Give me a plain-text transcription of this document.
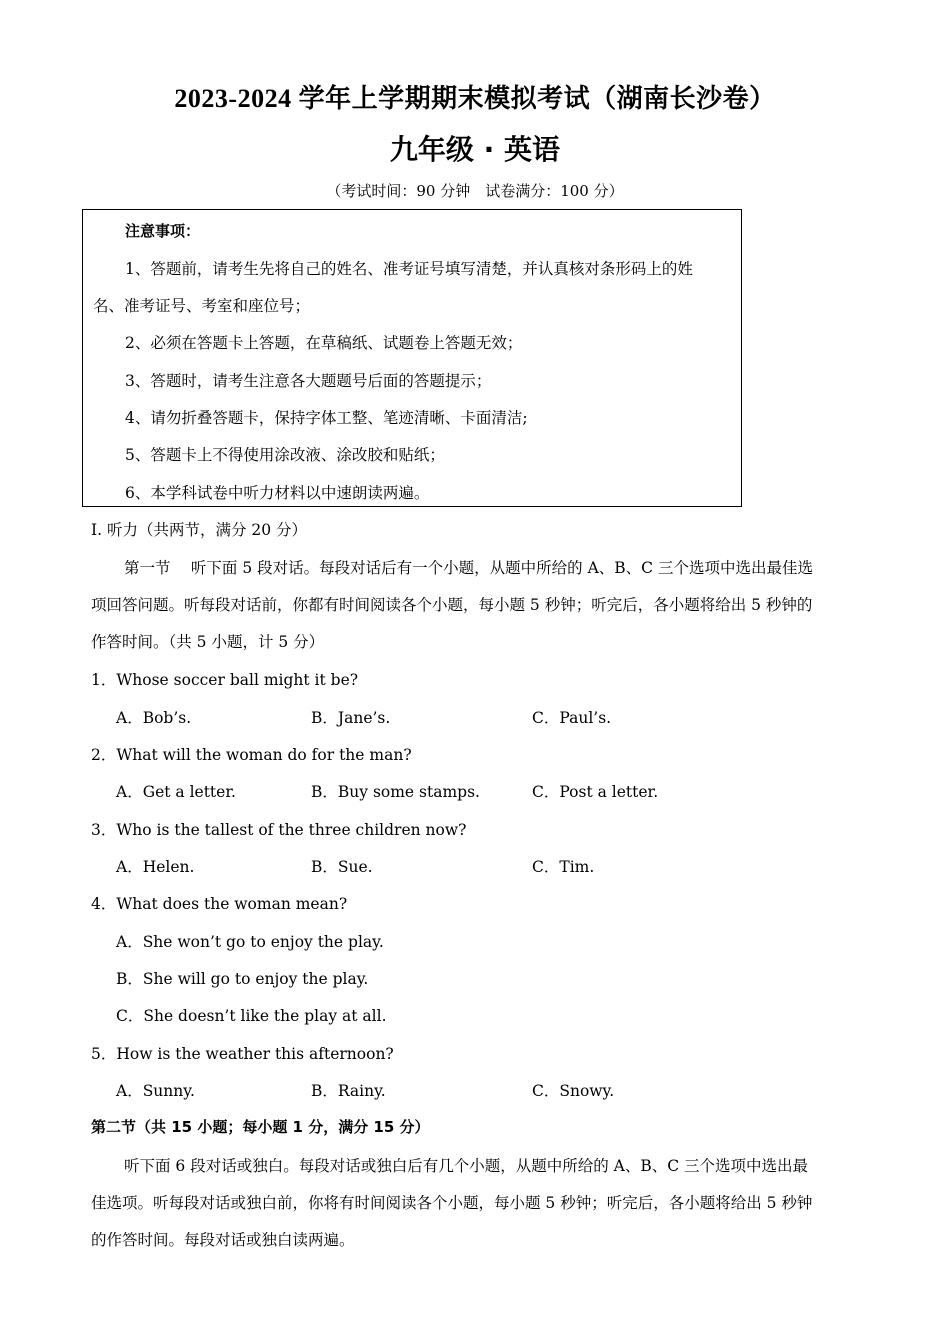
2023-2024 学年上学期期末模拟考试（湖南长沙卷）
九年级 · 英语
（考试时间：90 分钟　试卷满分：100 分）
注意事项：
1、答题前，请考生先将自己的姓名、准考证号填写清楚，并认真核对条形码上的姓
名、准考证号、考室和座位号；
2、必须在答题卡上答题，在草稿纸、试题卷上答题无效；
3、答题时，请考生注意各大题题号后面的答题提示；
4、请勿折叠答题卡，保持字体工整、笔迹清晰、卡面清洁;
5、答题卡上不得使用涂改液、涂改胶和贴纸；
6、本学科试卷中听力材料以中速朗读两遍。
I. 听力（共两节，满分 20 分）
第一节　 听下面 5 段对话。每段对话后有一个小题，从题中所给的 A、B、C 三个选项中选出最佳选
项回答问题。听每段对话前，你都有时间阅读各个小题，每小题 5 秒钟；听完后，各小题将给出 5 秒钟的
作答时间。（共 5 小题，计 5 分）
1．Whose soccer ball might it be?
A．Bob’s.	B．Jane’s.	C．Paul’s.
2．What will the woman do for the man?
A．Get a letter.	B．Buy some stamps.	C．Post a letter.
3．Who is the tallest of the three children now?
A．Helen.	B．Sue.	C．Tim.
4．What does the woman mean?
A．She won’t go to enjoy the play.
B．She will go to enjoy the play.
C．She doesn’t like the play at all.
5．How is the weather this afternoon?
A．Sunny.	B．Rainy.	C．Snowy.
第二节（共 15 小题；每小题 1 分，满分 15 分）
听下面 6 段对话或独白。每段对话或独白后有几个小题，从题中所给的 A、B、C 三个选项中选出最
佳选项。听每段对话或独白前，你将有时间阅读各个小题，每小题 5 秒钟；听完后，各小题将给出 5 秒钟
的作答时间。每段对话或独白读两遍。
